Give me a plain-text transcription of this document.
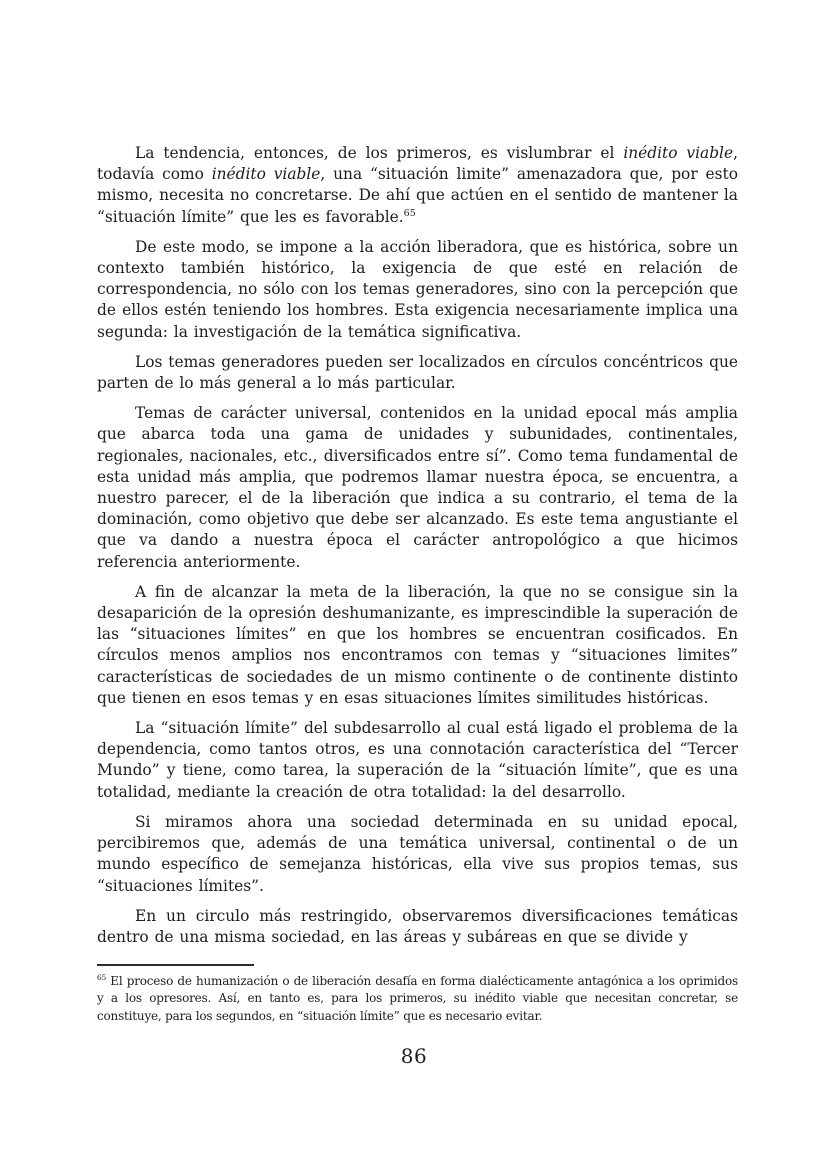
La tendencia, entonces, de los primeros, es vislumbrar el inédito viable, todavía como inédito viable, una “situación limite” amenazadora que, por esto mismo, necesita no concretarse. De ahí que actúen en el sentido de mantener la “situación límite” que les es favorable.$^{65}$

De este modo, se impone a la acción liberadora, que es histórica, sobre un contexto también histórico, la exigencia de que esté en relación de correspondencia, no sólo con los temas generadores, sino con la percepción que de ellos estén teniendo los hombres. Esta exigencia necesariamente implica una segunda: la investigación de la temática significativa.

Los temas generadores pueden ser localizados en círculos concéntricos que parten de lo más general a lo más particular.

Temas de carácter universal, contenidos en la unidad epocal más amplia que abarca toda una gama de unidades y subunidades, continentales, regionales, nacionales, etc., diversificados entre sí”. Como tema fundamental de esta unidad más amplia, que podremos llamar nuestra época, se encuentra, a nuestro parecer, el de la liberación que indica a su contrario, el tema de la dominación, como objetivo que debe ser alcanzado. Es este tema angustiante el que va dando a nuestra época el carácter antropológico a que hicimos referencia anteriormente.

A fin de alcanzar la meta de la liberación, la que no se consigue sin la desaparición de la opresión deshumanizante, es imprescindible la superación de las “situaciones límites” en que los hombres se encuentran cosificados. En círculos menos amplios nos encontramos con temas y “situaciones limites” características de sociedades de un mismo continente o de continente distinto que tienen en esos temas y en esas situaciones límites similitudes históricas.

La “situación límite” del subdesarrollo al cual está ligado el problema de la dependencia, como tantos otros, es una connotación característica del “Tercer Mundo” y tiene, como tarea, la superación de la “situación límite”, que es una totalidad, mediante la creación de otra totalidad: la del desarrollo.

Si miramos ahora una sociedad determinada en su unidad epocal, percibiremos que, además de una temática universal, continental o de un mundo específico de semejanza históricas, ella vive sus propios temas, sus “situaciones límites”.

En un circulo más restringido, observaremos diversificaciones temáticas dentro de una misma sociedad, en las áreas y subáreas en que se divide y

$^{65}$ El proceso de humanización o de liberación desafía en forma dialécticamente antagónica a los oprimidos y a los opresores. Así, en tanto es, para los primeros, su inédito viable que necesitan concretar, se constituye, para los segundos, en “situación límite” que es necesario evitar.
86
